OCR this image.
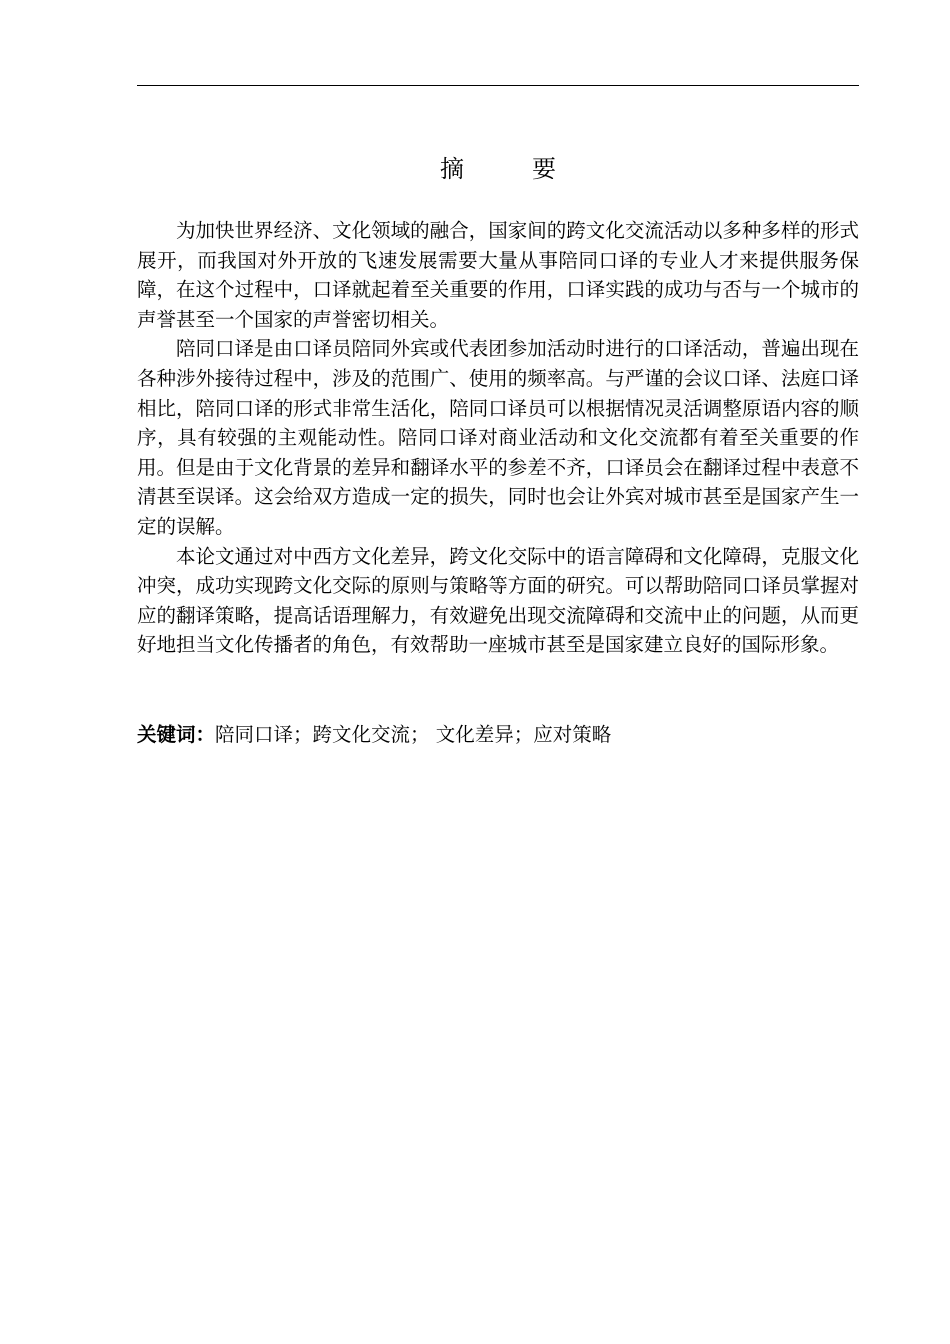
摘　要

为加快世界经济、文化领域的融合，国家间的跨文化交流活动以多种多样的形式展开，而我国对外开放的飞速发展需要大量从事陪同口译的专业人才来提供服务保障，在这个过程中，口译就起着至关重要的作用，口译实践的成功与否与一个城市的声誉甚至一个国家的声誉密切相关。

陪同口译是由口译员陪同外宾或代表团参加活动时进行的口译活动，普遍出现在各种涉外接待过程中，涉及的范围广、使用的频率高。与严谨的会议口译、法庭口译相比，陪同口译的形式非常生活化，陪同口译员可以根据情况灵活调整原语内容的顺序，具有较强的主观能动性。陪同口译对商业活动和文化交流都有着至关重要的作用。但是由于文化背景的差异和翻译水平的参差不齐，口译员会在翻译过程中表意不清甚至误译。这会给双方造成一定的损失，同时也会让外宾对城市甚至是国家产生一定的误解。

本论文通过对中西方文化差异，跨文化交际中的语言障碍和文化障碍，克服文化冲突，成功实现跨文化交际的原则与策略等方面的研究。可以帮助陪同口译员掌握对应的翻译策略，提高话语理解力，有效避免出现交流障碍和交流中止的问题，从而更好地担当文化传播者的角色，有效帮助一座城市甚至是国家建立良好的国际形象。

关键词：陪同口译；跨文化交流； 文化差异；应对策略
